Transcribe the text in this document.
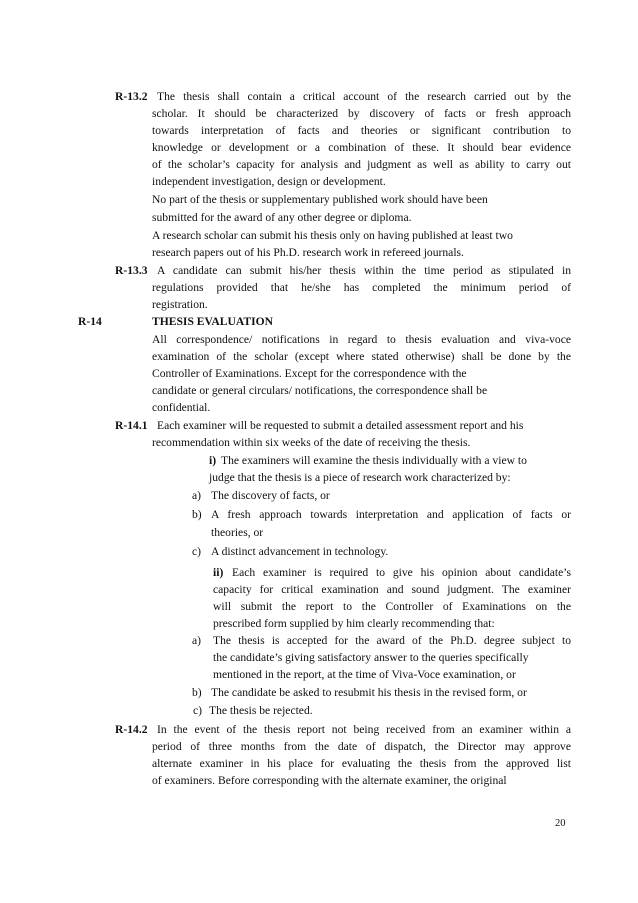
R-13.2 The thesis shall contain a critical account of the research carried out by the
scholar. It should be characterized by discovery of facts or fresh approach
towards interpretation of facts and theories or significant contribution to
knowledge or development or a combination of these. It should bear evidence
of the scholar’s capacity for analysis and judgment as well as ability to carry out
independent investigation, design or development.
No part of the thesis or supplementary published work should have been
submitted for the award of any other degree or diploma.
A research scholar can submit his thesis only on having published at least two
research papers out of his Ph.D. research work in refereed journals.
R-13.3 A candidate can submit his/her thesis within the time period as stipulated in
regulations provided that he/she has completed the minimum period of
registration.
R-14	THESIS EVALUATION
All correspondence/ notifications in regard to thesis evaluation and viva-voce
examination of the scholar (except where stated otherwise) shall be done by the
Controller of Examinations. Except for the correspondence with the
candidate or general circulars/ notifications, the correspondence shall be
confidential.
R-14.1 Each examiner will be requested to submit a detailed assessment report and his
recommendation within six weeks of the date of receiving the thesis.
i) The examiners will examine the thesis individually with a view to
judge that the thesis is a piece of research work characterized by:
a) The discovery of facts, or
b) A fresh approach towards interpretation and application of facts or
theories, or
c) A distinct advancement in technology.
ii) Each examiner is required to give his opinion about candidate’s
capacity for critical examination and sound judgment. The examiner
will submit the report to the Controller of Examinations on the
prescribed form supplied by him clearly recommending that:
a) The thesis is accepted for the award of the Ph.D. degree subject to
the candidate’s giving satisfactory answer to the queries specifically
mentioned in the report, at the time of Viva-Voce examination, or
b) The candidate be asked to resubmit his thesis in the revised form, or
c) The thesis be rejected.
R-14.2 In the event of the thesis report not being received from an examiner within a
period of three months from the date of dispatch, the Director may approve
alternate examiner in his place for evaluating the thesis from the approved list
of examiners. Before corresponding with the alternate examiner, the original
20
